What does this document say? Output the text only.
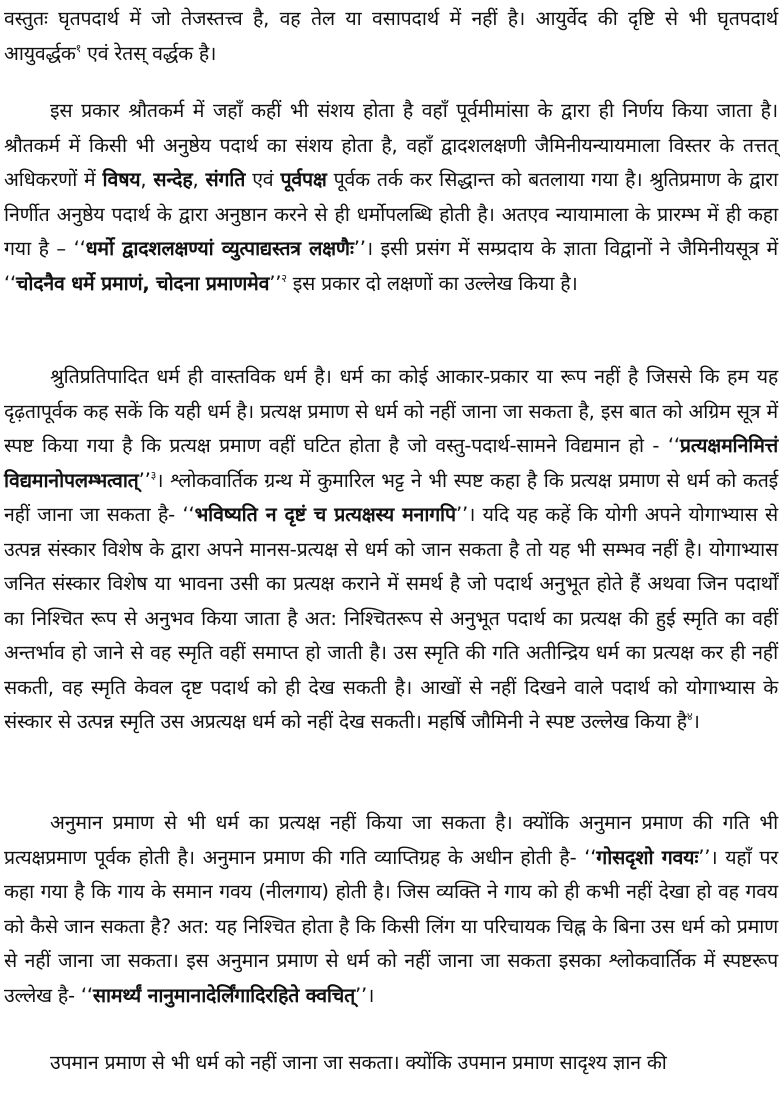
वस्तुतः घृतपदार्थ में जो तेजस्तत्त्व है, वह तेल या वसापदार्थ में नहीं है। आयुर्वेद की दृष्टि से भी घृतपदार्थ आयुवर्द्धक$^१$ एवं रेतस् वर्द्धक है।

इस प्रकार श्रौतकर्म में जहाँ कहीं भी संशय होता है वहाँ पूर्वमीमांसा के द्वारा ही निर्णय किया जाता है। श्रौतकर्म में किसी भी अनुष्ठेय पदार्थ का संशय होता है, वहाँ द्वादशलक्षणी जैमिनीयन्यायमाला विस्तर के तत्तत् अधिकरणों में विषय, सन्देह, संगति एवं पूर्वपक्ष पूर्वक तर्क कर सिद्धान्त को बतलाया गया है। श्रुतिप्रमाण के द्वारा निर्णीत अनुष्ठेय पदार्थ के द्वारा अनुष्ठान करने से ही धर्मोपलब्धि होती है। अतएव न्यायामाला के प्रारम्भ में ही कहा गया है – ‘‘धर्मो द्वादशलक्षण्यां व्युत्पाद्यस्तत्र लक्षणैः’’। इसी प्रसंग में सम्प्रदाय के ज्ञाता विद्वानों ने जैमिनीयसूत्र में ‘‘चोदनैव धर्मे प्रमाणं, चोदना प्रमाणमेव’’$^२$ इस प्रकार दो लक्षणों का उल्लेख किया है।

श्रुतिप्रतिपादित धर्म ही वास्तविक धर्म है। धर्म का कोई आकार-प्रकार या रूप नहीं है जिससे कि हम यह दृढ़तापूर्वक कह सकें कि यही धर्म है। प्रत्यक्ष प्रमाण से धर्म को नहीं जाना जा सकता है, इस बात को अग्रिम सूत्र में स्पष्ट किया गया है कि प्रत्यक्ष प्रमाण वहीं घटित होता है जो वस्तु-पदार्थ-सामने विद्यमान हो - ‘‘प्रत्यक्षमनिमित्तं विद्यमानोपलम्भत्वात्’’$^३$। श्लोकवार्तिक ग्रन्थ में कुमारिल भट्ट ने भी स्पष्ट कहा है कि प्रत्यक्ष प्रमाण से धर्म को कतई नहीं जाना जा सकता है- ‘‘भविष्यति न दृष्टं च प्रत्यक्षस्य मनागपि’’। यदि यह कहें कि योगी अपने योगाभ्यास से उत्पन्न संस्कार विशेष के द्वारा अपने मानस-प्रत्यक्ष से धर्म को जान सकता है तो यह भी सम्भव नहीं है। योगाभ्यास जनित संस्कार विशेष या भावना उसी का प्रत्यक्ष कराने में समर्थ है जो पदार्थ अनुभूत होते हैं अथवा जिन पदार्थों का निश्चित रूप से अनुभव किया जाता है अत: निश्चितरूप से अनुभूत पदार्थ का प्रत्यक्ष की हुई स्मृति का वहीं अन्तर्भाव हो जाने से वह स्मृति वहीं समाप्त हो जाती है। उस स्मृति की गति अतीन्द्रिय धर्म का प्रत्यक्ष कर ही नहीं सकती, वह स्मृति केवल दृष्ट पदार्थ को ही देख सकती है। आखों से नहीं दिखने वाले पदार्थ को योगाभ्यास के संस्कार से उत्पन्न स्मृति उस अप्रत्यक्ष धर्म को नहीं देख सकती। महर्षि जौमिनी ने स्पष्ट उल्लेख किया है$^४$।

अनुमान प्रमाण से भी धर्म का प्रत्यक्ष नहीं किया जा सकता है। क्योंकि अनुमान प्रमाण की गति भी प्रत्यक्षप्रमाण पूर्वक होती है। अनुमान प्रमाण की गति व्याप्तिग्रह के अधीन होती है- ‘‘गोसदृशो गवयः’’। यहाँ पर कहा गया है कि गाय के समान गवय (नीलगाय) होती है। जिस व्यक्ति ने गाय को ही कभी नहीं देखा हो वह गवय को कैसे जान सकता है? अत: यह निश्चित होता है कि किसी लिंग या परिचायक चिह्न के बिना उस धर्म को प्रमाण से नहीं जाना जा सकता। इस अनुमान प्रमाण से धर्म को नहीं जाना जा सकता इसका श्लोकवार्तिक में स्पष्टरूप उल्लेख है- ‘‘सामर्थ्यं नानुमानादेर्लिंगादिरहिते क्वचित्’’।

उपमान प्रमाण से भी धर्म को नहीं जाना जा सकता। क्योंकि उपमान प्रमाण सादृश्य ज्ञान की
